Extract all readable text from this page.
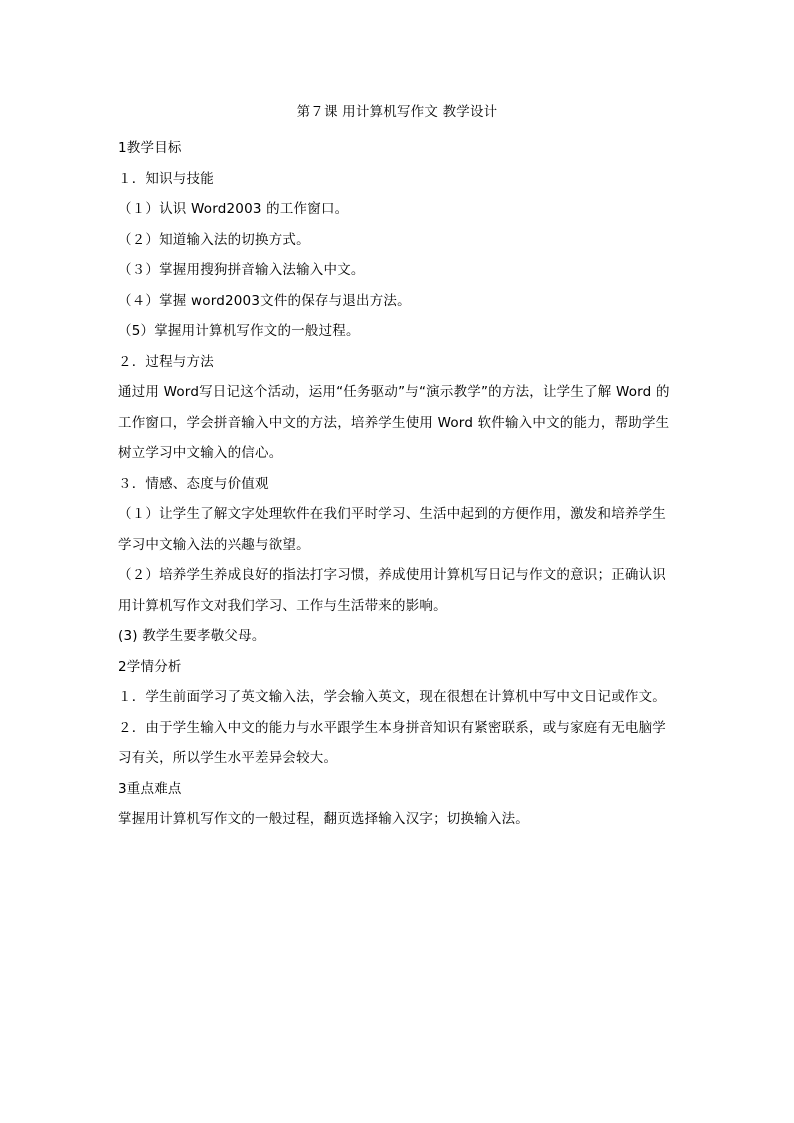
第７课 用计算机写作文 教学设计

1教学目标

１．知识与技能

（１）认识 Word2003 的工作窗口。

（２）知道输入法的切换方式。

（３）掌握用搜狗拼音输入法输入中文。

（４）掌握 word2003文件的保存与退出方法。

（5）掌握用计算机写作文的一般过程。

２．过程与方法

通过用 Word写日记这个活动，运用“任务驱动”与“演示教学”的方法，让学生了解 Word 的

工作窗口，学会拼音输入中文的方法，培养学生使用 Word 软件输入中文的能力，帮助学生

树立学习中文输入的信心。

３．情感、态度与价值观

（１）让学生了解文字处理软件在我们平时学习、生活中起到的方便作用，激发和培养学生

学习中文输入法的兴趣与欲望。

（２）培养学生养成良好的指法打字习惯，养成使用计算机写日记与作文的意识；正确认识

用计算机写作文对我们学习、工作与生活带来的影响。

(3) 教学生要孝敬父母。

2学情分析

１．学生前面学习了英文输入法，学会输入英文，现在很想在计算机中写中文日记或作文。

２．由于学生输入中文的能力与水平跟学生本身拼音知识有紧密联系，或与家庭有无电脑学

习有关，所以学生水平差异会较大。

3重点难点

掌握用计算机写作文的一般过程，翻页选择输入汉字；切换输入法。
